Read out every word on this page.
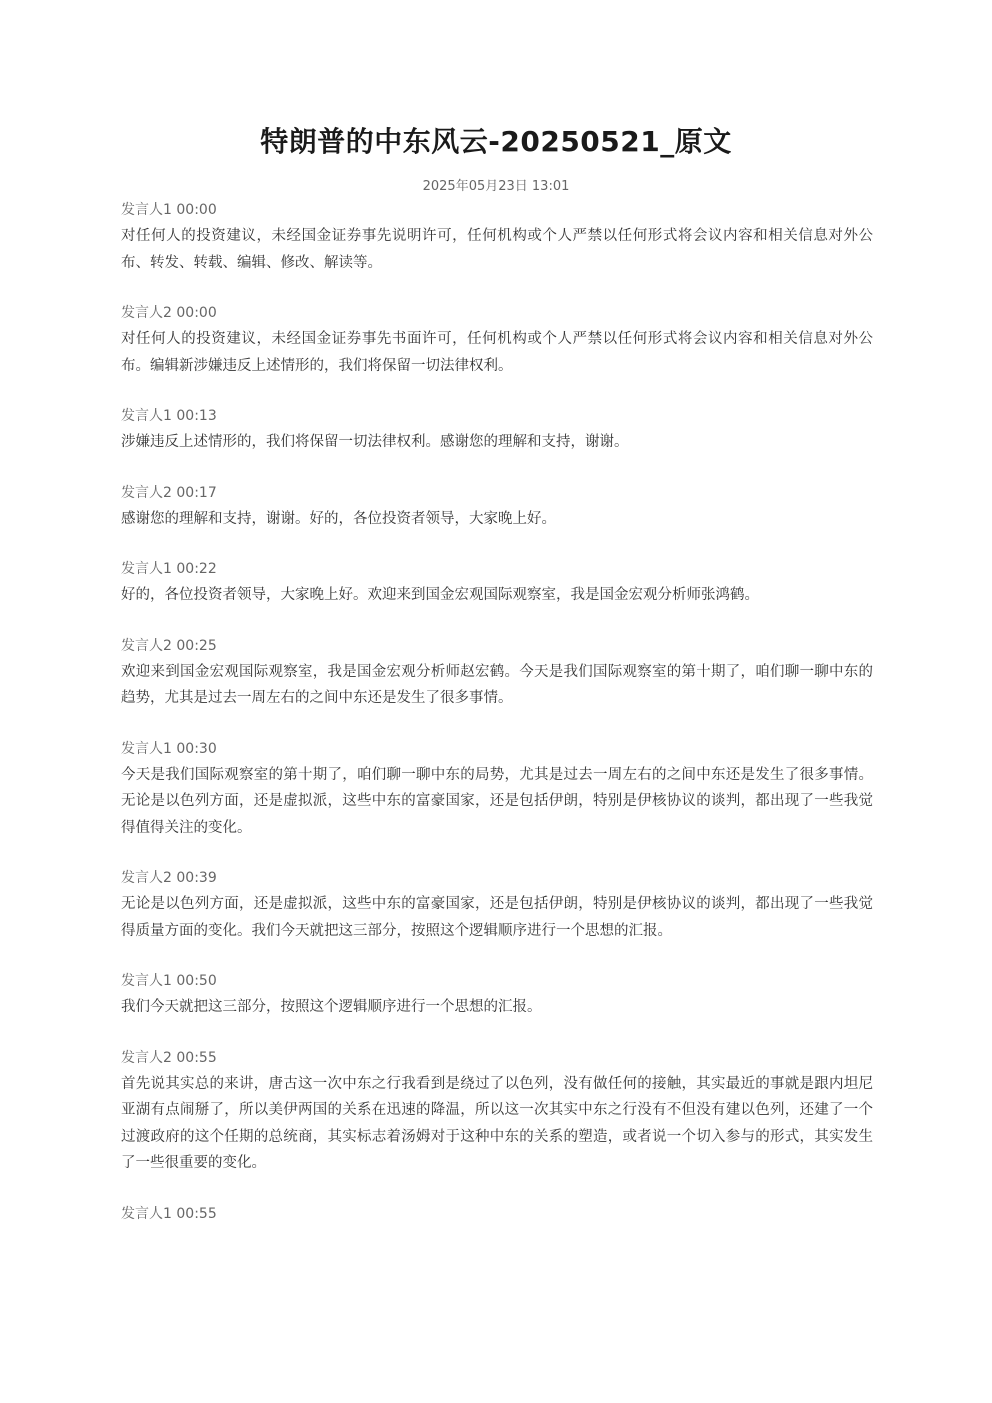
特朗普的中东风云-20250521_原文
2025年05月23日 13:01
发言人1 00:00

对任何人的投资建议，未经国金证券事先说明许可，任何机构或个人严禁以任何形式将会议内容和相关信息对外公布、转发、转载、编辑、修改、解读等。

发言人2 00:00

对任何人的投资建议，未经国金证券事先书面许可，任何机构或个人严禁以任何形式将会议内容和相关信息对外公布。编辑新涉嫌违反上述情形的，我们将保留一切法律权利。

发言人1 00:13

涉嫌违反上述情形的，我们将保留一切法律权利。感谢您的理解和支持，谢谢。

发言人2 00:17

感谢您的理解和支持，谢谢。好的，各位投资者领导，大家晚上好。

发言人1 00:22

好的，各位投资者领导，大家晚上好。欢迎来到国金宏观国际观察室，我是国金宏观分析师张鸿鹤。

发言人2 00:25

欢迎来到国金宏观国际观察室，我是国金宏观分析师赵宏鹤。今天是我们国际观察室的第十期了，咱们聊一聊中东的趋势，尤其是过去一周左右的之间中东还是发生了很多事情。

发言人1 00:30

今天是我们国际观察室的第十期了，咱们聊一聊中东的局势，尤其是过去一周左右的之间中东还是发生了很多事情。无论是以色列方面，还是虚拟派，这些中东的富豪国家，还是包括伊朗，特别是伊核协议的谈判，都出现了一些我觉得值得关注的变化。

发言人2 00:39

无论是以色列方面，还是虚拟派，这些中东的富豪国家，还是包括伊朗，特别是伊核协议的谈判，都出现了一些我觉得质量方面的变化。我们今天就把这三部分，按照这个逻辑顺序进行一个思想的汇报。

发言人1 00:50

我们今天就把这三部分，按照这个逻辑顺序进行一个思想的汇报。

发言人2 00:55

首先说其实总的来讲，唐古这一次中东之行我看到是绕过了以色列，没有做任何的接触，其实最近的事就是跟内坦尼亚湖有点闹掰了，所以美伊两国的关系在迅速的降温，所以这一次其实中东之行没有不但没有建以色列，还建了一个过渡政府的这个任期的总统商，其实标志着汤姆对于这种中东的关系的塑造，或者说一个切入参与的形式，其实发生了一些很重要的变化。

发言人1 00:55
